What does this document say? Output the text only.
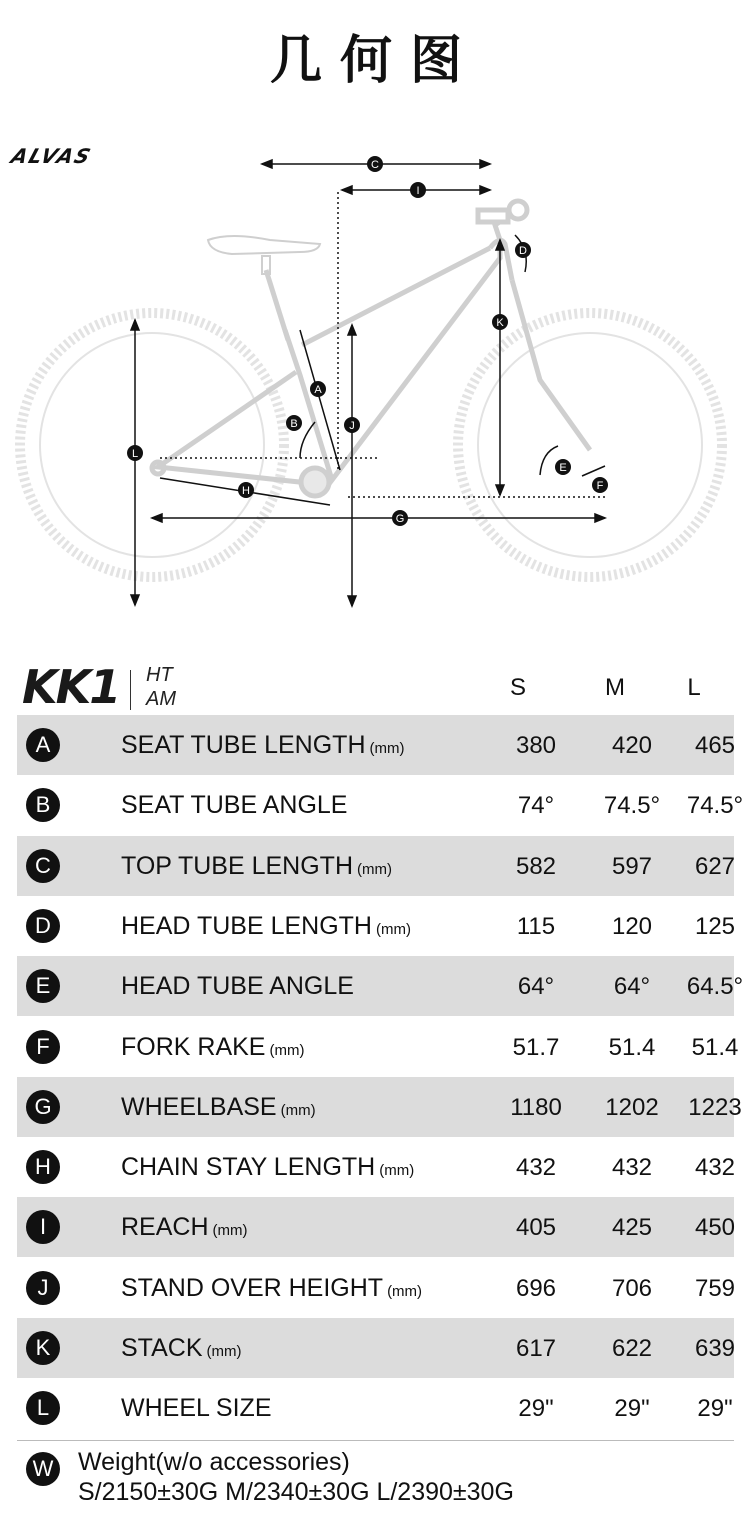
几何图
ALVAS	C
I
D
K
A
B	J
L
E
F
H
G
KK1 HT
AM	S	M	L
A	SEAT TUBE LENGTH (mm)	380	420	465
B	SEAT TUBE ANGLE	74°	74.5°	74.5°
C	TOP TUBE LENGTH (mm)	582	597	627
D	HEAD TUBE LENGTH (mm)	115	120	125
E	HEAD TUBE ANGLE	64°	64°	64.5°
F	FORK RAKE (mm)	51.7	51.4	51.4
G	WHEELBASE (mm)	1180	1202	1223
H	CHAIN STAY LENGTH (mm)	432	432	432
I	REACH (mm)	405	425	450
J	STAND OVER HEIGHT (mm)	696	706	759
K	STACK (mm)	617	622	639
L	WHEEL SIZE	29"	29"	29"
W Weight(w/o accessories)
S/2150±30G M/2340±30G L/2390±30G
